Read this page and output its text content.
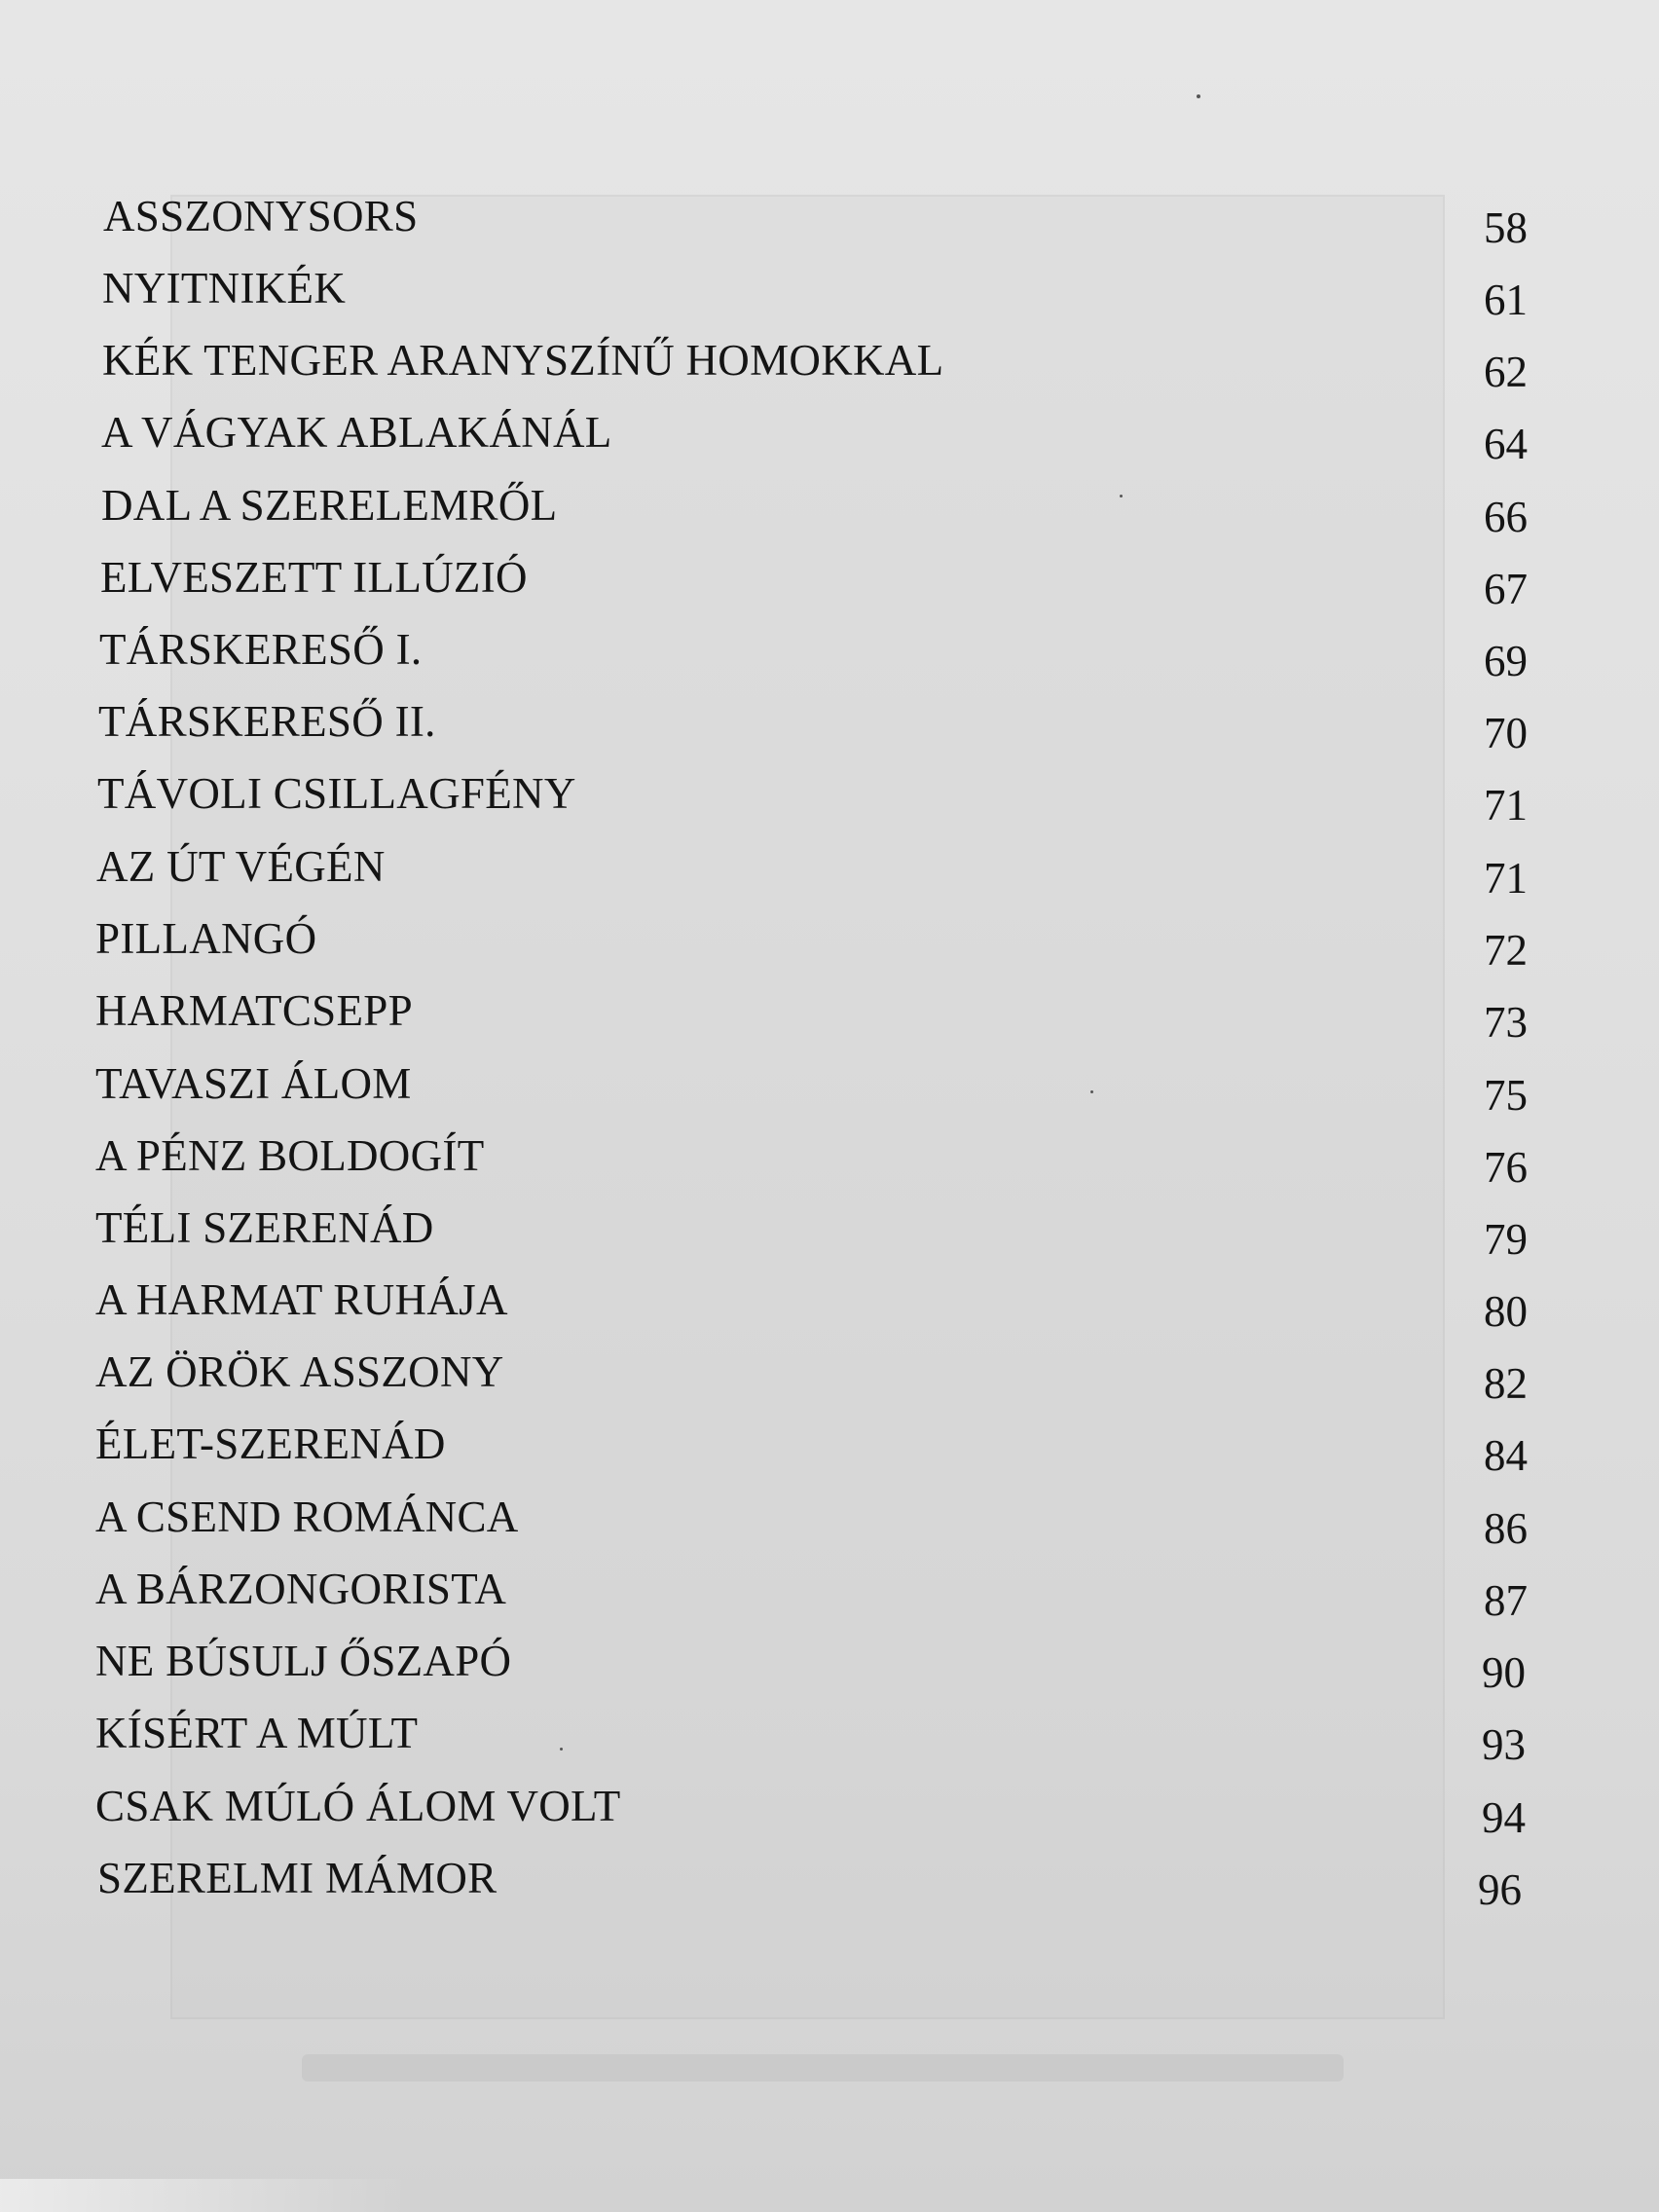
ASSZONYSORS	58
NYITNIKÉK	61
KÉK TENGER ARANYSZÍNŰ HOMOKKAL	62
A VÁGYAK ABLAKÁNÁL	64
DAL A SZERELEMRŐL	66
ELVESZETT ILLÚZIÓ	67
TÁRSKERESŐ I.	69
TÁRSKERESŐ II.	70
TÁVOLI CSILLAGFÉNY	71
AZ ÚT VÉGÉN	71
PILLANGÓ	72
HARMATCSEPP	73
TAVASZI ÁLOM	75
A PÉNZ BOLDOGÍT	76
TÉLI SZERENÁD	79
A HARMAT RUHÁJA	80
AZ ÖRÖK ASSZONY	82
ÉLET-SZERENÁD	84
A CSEND ROMÁNCA	86
A BÁRZONGORISTA	87
NE BÚSULJ ŐSZAPÓ	90
KÍSÉRT A MÚLT	93
CSAK MÚLÓ ÁLOM VOLT	94
SZERELMI MÁMOR	96
